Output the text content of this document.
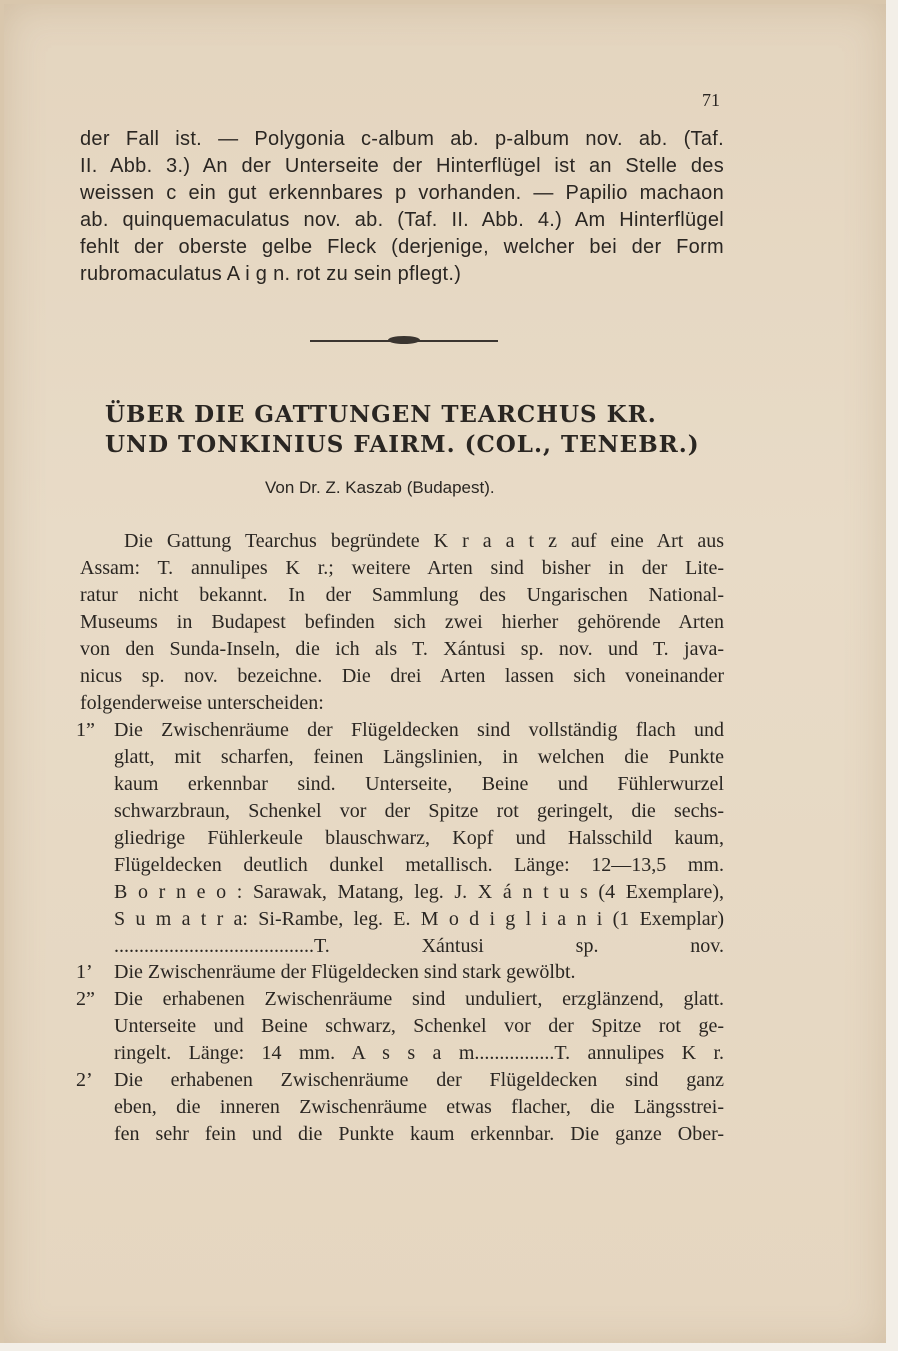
71
der Fall ist. — Polygonia c-album ab. p-album nov. ab. (Taf.
II. Abb. 3.) An der Unterseite der Hinterflügel ist an Stelle des
weissen c ein gut erkennbares p vorhanden. — Papilio machaon
ab. quinquemaculatus nov. ab. (Taf. II. Abb. 4.) Am Hinterflügel
fehlt der oberste gelbe Fleck (derjenige, welcher bei der Form
rubromaculatus A i g n. rot zu sein pflegt.)
ÜBER DIE GATTUNGEN TEARCHUS KR.
UND TONKINIUS FAIRM. (COL., TENEBR.)
Von Dr. Z. Kaszab (Budapest).
Die Gattung Tearchus begründete K r a a t z auf eine Art aus
Assam: T. annulipes K r.; weitere Arten sind bisher in der Lite-
ratur nicht bekannt. In der Sammlung des Ungarischen National-
Museums in Budapest befinden sich zwei hierher gehörende Arten
von den Sunda-Inseln, die ich als T. Xántusi sp. nov. und T. java-
nicus sp. nov. bezeichne. Die drei Arten lassen sich voneinander
folgenderweise unterscheiden:
1” Die Zwischenräume der Flügeldecken sind vollständig flach und
glatt, mit scharfen, feinen Längslinien, in welchen die Punkte
kaum erkennbar sind. Unterseite, Beine und Fühlerwurzel
schwarzbraun, Schenkel vor der Spitze rot geringelt, die sechs-
gliedrige Fühlerkeule blauschwarz, Kopf und Halsschild kaum,
Flügeldecken deutlich dunkel metallisch. Länge: 12—13,5 mm.
B o r n e o : Sarawak, Matang, leg. J. X á n t u s (4 Exemplare),
S u m a t r a: Si-Rambe, leg. E. M o d i g l i a n i (1 Exemplar)
........................................T. Xántusi sp. nov.
1’	Die Zwischenräume der Flügeldecken sind stark gewölbt.
2” Die erhabenen Zwischenräume sind unduliert, erzglänzend, glatt.
Unterseite und Beine schwarz, Schenkel vor der Spitze rot ge-
ringelt. Länge: 14 mm. A s s a m................T. annulipes K r.
2’	Die erhabenen Zwischenräume der Flügeldecken sind ganz
eben, die inneren Zwischenräume etwas flacher, die Längsstrei-
fen sehr fein und die Punkte kaum erkennbar. Die ganze Ober-
